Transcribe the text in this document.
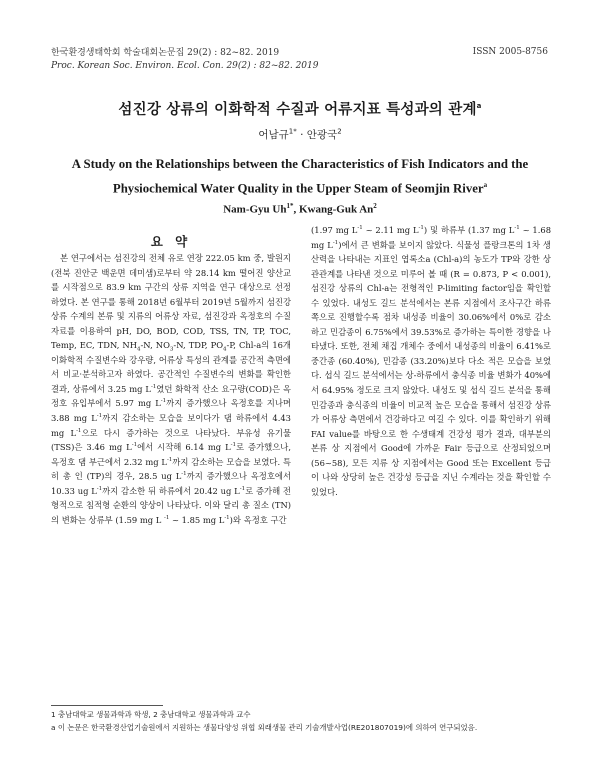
한국환경생태학회 학술대회논문집 29(2) : 82~82. 2019
Proc. Korean Soc. Environ. Ecol. Con. 29(2) : 82~82. 2019
ISSN 2005-8756
섬진강 상류의 이화학적 수질과 어류지표 특성과의 관계$^a$
어남규$^{1*}$ · 안광국$^2$
A Study on the Relationships between the Characteristics of Fish Indicators and the
Physiochemical Water Quality in the Upper Steam of Seomjin River$^a$
Nam-Gyu $Uh^{1*}$, Kwang-Guk An$^2$
요 약

본 연구에서는 섬진강의 전체 유로 연장 222.05 km 중, 발원지 (전북 진안군 백운면 데미샘)로부터 약 28.14 km 떨어진 양산교를 시작점으로 83.9 km 구간의 상류 지역을 연구 대상으로 선정하였다. 본 연구를 통해 2018년 6월부터 2019년 5월까지 섬진강 상류 수계의 본류 및 지류의 어류상 자료, 섬진강과 옥정호의 수질 자료를 이용하여 pH, DO, BOD, COD, TSS, TN, TP, TOC, Temp, EC, TDN, $NH_4-N$, $NO_3-N$, TDP, $PO_4-P$, Chl-a의 16개 이화학적 수질변수와 강우량, 어류상 특성의 관계를 공간적 측면에서 비교·분석하고자 하였다. 공간적인 수질변수의 변화를 확인한 결과, 상류에서 3.25 mg $L^{-1}$였던 화학적 산소 요구량(COD)은 옥정호 유입부에서 5.97 mg $L^{-1}$까지 증가했으나 옥정호를 지나며 3.88 mg $L^{-1}$까지 감소하는 모습을 보이다가 댐 하류에서 4.43 mg $L^{-1}$으로 다시 증가하는 것으로 나타났다. 부유성 유기물 (TSS)은 3.46 mg $L^{-1}$에서 시작해 6.14 mg $L^{-1}$로 증가했으나, 옥정호 댐 부근에서 2.32 mg $L^{-1}$까지 감소하는 모습을 보였다. 특히 총 인 (TP)의 경우, 28.5 ug $L^{-1}$까지 증가했으나 옥정호에서 10.33 ug $L^{-1}$까지 감소한 뒤 하류에서 20.42 ug $L^{-1}$로 증가해 전형적으로 침적형 순환의 양상이 나타났다. 이와 달리 총 질소 (TN)의 변화는 상류부 (1.59 mg L $^{-1}$ ~ 1.85 mg $L^{-1}$)와 옥정호 구간

(1.97 mg $L^{-1}$ ~ 2.11 mg $L^{-1}$) 및 하류부 (1.37 mg $L^{-1}$ ~ 1.68 mg $L^{-1}$)에서 큰 변화를 보이지 않았다. 식물성 플랑크톤의 1차 생산력을 나타내는 지표인 엽록소a (Chl-a)의 농도가 TP와 강한 상관관계를 나타낸 것으로 미루어 볼 때 (R = 0.873, P < 0.001), 섬진강 상류의 Chl-a는 전형적인 P-limiting factor임을 확인할 수 있었다. 내성도 길드 분석에서는 본류 지점에서 조사구간 하류 쪽으로 진행할수록 점차 내성종 비율이 30.06%에서 0%로 감소하고 민감종이 6.75%에서 39.53%로 증가하는 특이한 경향을 나타냈다. 또한, 전체 채집 개체수 중에서 내성종의 비율이 6.41%로 중간종 (60.40%), 민감종 (33.20%)보다 다소 적은 모습을 보였다. 섭식 길드 분석에서는 상-하류에서 충식종 비율 변화가 40%에서 64.95% 정도로 크지 않았다. 내성도 및 섭식 길드 분석을 통해 민감종과 충식종의 비율이 비교적 높은 모습을 통해서 섬진강 상류가 어류상 측면에서 건강하다고 여길 수 있다. 이를 확인하기 위해 FAI value를 바탕으로 한 수생태계 건강성 평가 결과, 대부분의 본류 상 지점에서 Good에 가까운 Fair 등급으로 산정되었으며 (56~58), 모든 지류 상 지점에서는 Good 또는 Excellent 등급이 나와 상당히 높은 건강성 등급을 지닌 수계라는 것을 확인할 수 있었다.

1 충남대학교 생물과학과 학생, 2 충남대학교 생물과학과 교수
a 이 논문은 한국환경산업기술원에서 지원하는 생물다양성 위협 외래생물 관리 기술개발사업(RE201807019)에 의하여 연구되었음.
